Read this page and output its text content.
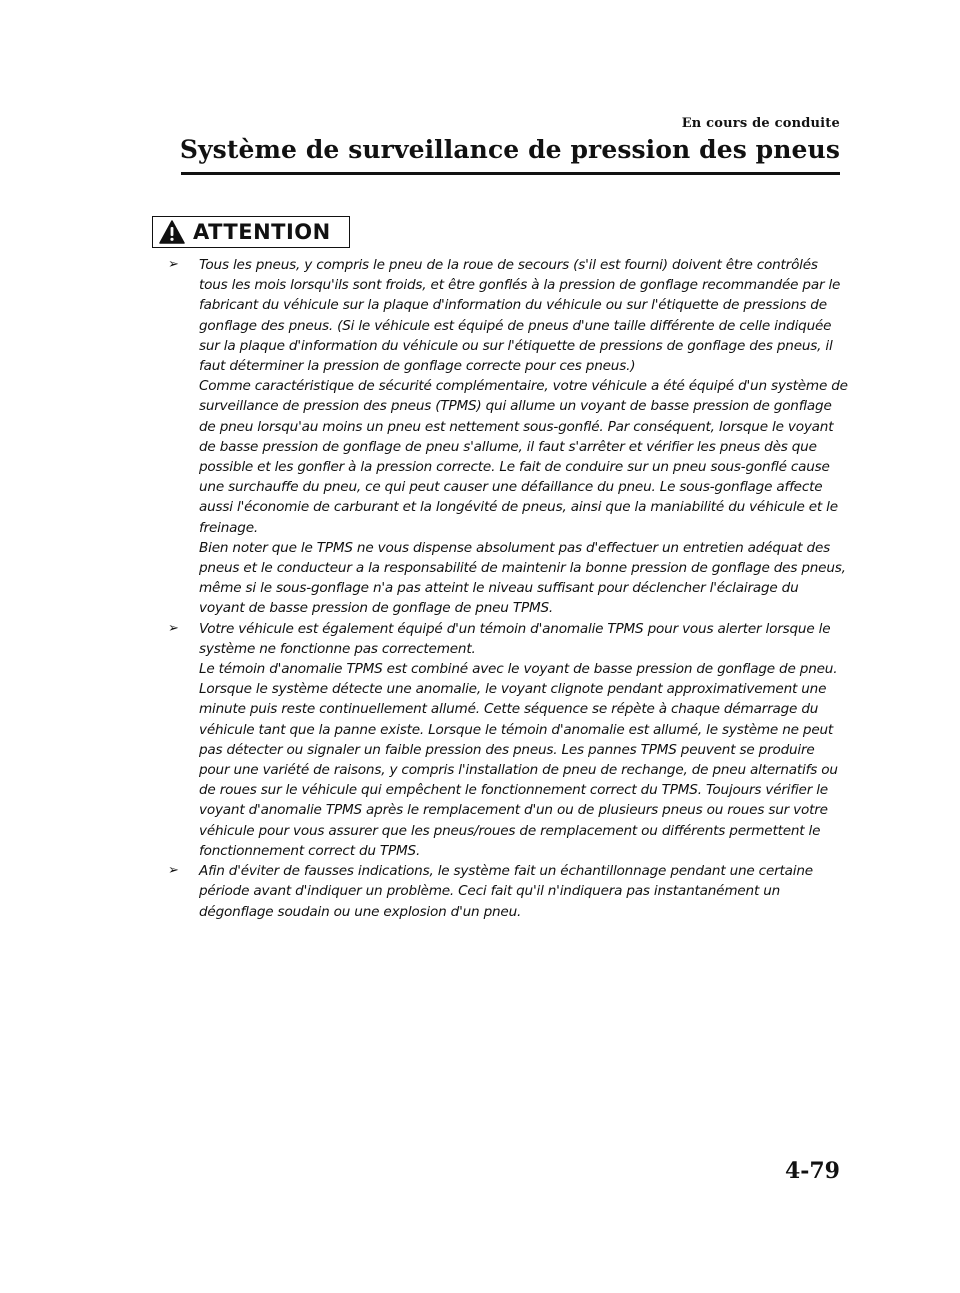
En cours de conduite
Système de surveillance de pression des pneus
ATTENTION
➢	Tous les pneus, y compris le pneu de la roue de secours (s'il est fourni) doivent être contrôlés tous les mois lorsqu'ils sont froids, et être gonflés à la pression de gonflage recommandée par le fabricant du véhicule sur la plaque d'information du véhicule ou sur l'étiquette de pressions de gonflage des pneus. (Si le véhicule est équipé de pneus d'une taille différente de celle indiquée sur la plaque d'information du véhicule ou sur l'étiquette de pressions de gonflage des pneus, il faut déterminer la pression de gonflage correcte pour ces pneus.)

Comme caractéristique de sécurité complémentaire, votre véhicule a été équipé d'un système de surveillance de pression des pneus (TPMS) qui allume un voyant de basse pression de gonflage de pneu lorsqu'au moins un pneu est nettement sous-gonflé. Par conséquent, lorsque le voyant de basse pression de gonflage de pneu s'allume, il faut s'arrêter et vérifier les pneus dès que possible et les gonfler à la pression correcte. Le fait de conduire sur un pneu sous-gonflé cause une surchauffe du pneu, ce qui peut causer une défaillance du pneu. Le sous-gonflage affecte aussi l'économie de carburant et la longévité de pneus, ainsi que la maniabilité du véhicule et le freinage.

Bien noter que le TPMS ne vous dispense absolument pas d'effectuer un entretien adéquat des pneus et le conducteur a la responsabilité de maintenir la bonne pression de gonflage des pneus, même si le sous-gonflage n'a pas atteint le niveau suffisant pour déclencher l'éclairage du voyant de basse pression de gonflage de pneu TPMS.

➢	Votre véhicule est également équipé d'un témoin d'anomalie TPMS pour vous alerter lorsque le système ne fonctionne pas correctement.

Le témoin d'anomalie TPMS est combiné avec le voyant de basse pression de gonflage de pneu. Lorsque le système détecte une anomalie, le voyant clignote pendant approximativement une minute puis reste continuellement allumé. Cette séquence se répète à chaque démarrage du véhicule tant que la panne existe. Lorsque le témoin d'anomalie est allumé, le système ne peut pas détecter ou signaler un faible pression des pneus. Les pannes TPMS peuvent se produire pour une variété de raisons, y compris l'installation de pneu de rechange, de pneu alternatifs ou de roues sur le véhicule qui empêchent le fonctionnement correct du TPMS. Toujours vérifier le voyant d'anomalie TPMS après le remplacement d'un ou de plusieurs pneus ou roues sur votre véhicule pour vous assurer que les pneus/roues de remplacement ou différents permettent le fonctionnement correct du TPMS.

➢	Afin d'éviter de fausses indications, le système fait un échantillonnage pendant une certaine période avant d'indiquer un problème. Ceci fait qu'il n'indiquera pas instantanément un dégonflage soudain ou une explosion d'un pneu.

4-79
